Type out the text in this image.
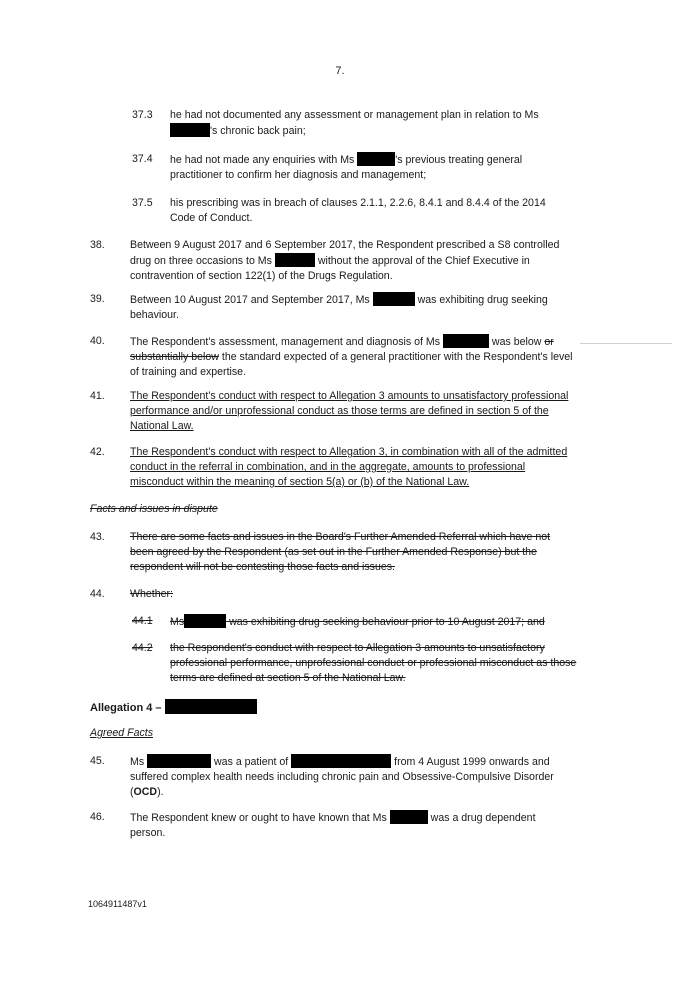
7.
37.3	he had not documented any assessment or management plan in relation to Ms
's chronic back pain;
37.4	he had not made any enquiries with Ms	's previous treating general practitioner to confirm her diagnosis and management;
37.5	his prescribing was in breach of clauses 2.1.1, 2.2.6, 8.4.1 and 8.4.4 of the 2014 Code of Conduct.
38.	Between 9 August 2017 and 6 September 2017, the Respondent prescribed a S8 controlled drug on three occasions to Ms	without the approval of the Chief Executive in contravention of section 122(1) of the Drugs Regulation.
39.	Between 10 August 2017 and September 2017, Ms	was exhibiting drug seeking behaviour.
40.	The Respondent's assessment, management and diagnosis of Ms	was below or substantially below the standard expected of a general practitioner with the Respondent's level of training and expertise.
41.	The Respondent's conduct with respect to Allegation 3 amounts to unsatisfactory professional performance and/or unprofessional conduct as those terms are defined in section 5 of the National Law.
42.	The Respondent's conduct with respect to Allegation 3, in combination with all of the admitted conduct in the referral in combination, and in the aggregate, amounts to professional misconduct within the meaning of section 5(a) or (b) of the National Law.
Facts and issues in dispute
43.	There are some facts and issues in the Board's Further Amended Referral which have not been agreed by the Respondent (as set out in the Further Amended Response) but the respondent will not be contesting those facts and issues.
44.	Whether:
44.1	Ms	was exhibiting drug seeking behaviour prior to 10 August 2017; and
44.2	the Respondent's conduct with respect to Allegation 3 amounts to unsatisfactory professional performance, unprofessional conduct or professional misconduct as those terms are defined at section 5 of the National Law.
Allegation 4 –
Agreed Facts
45.	Ms	was a patient of	from 4 August 1999 onwards and suffered complex health needs including chronic pain and Obsessive-Compulsive Disorder (OCD).
46.	The Respondent knew or ought to have known that Ms	was a drug dependent person.
1064911487v1
